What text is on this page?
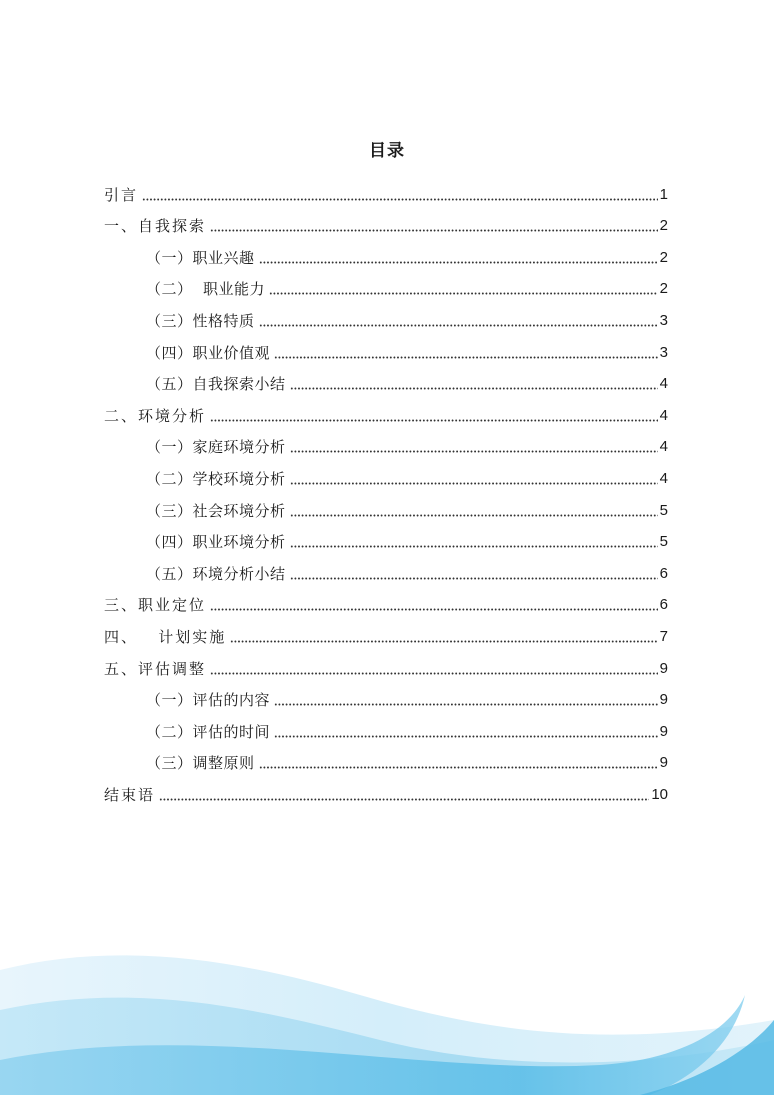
目录
引言	1
一、自我探索	2
（一）职业兴趣	2
（二）  职业能力	2
（三）性格特质	3
（四）职业价值观	3
（五）自我探索小结	4
二、环境分析	4
（一）家庭环境分析	4
（二）学校环境分析	4
（三）社会环境分析	5
（四）职业环境分析	5
（五）环境分析小结	6
三、职业定位	6
四、   计划实施	7
五、评估调整	9
（一）评估的内容	9
（二）评估的时间	9
（三）调整原则	9
结束语	10
